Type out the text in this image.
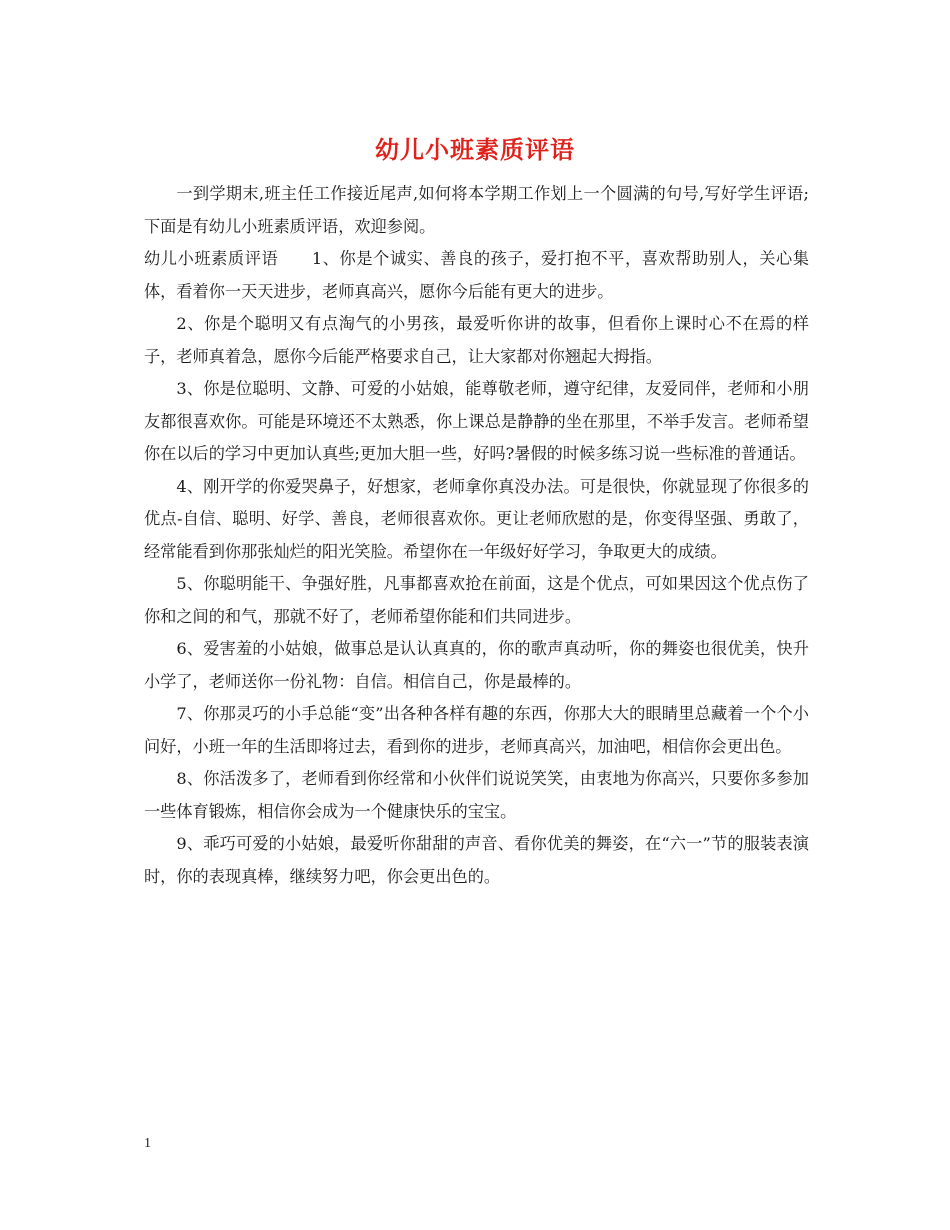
幼儿小班素质评语

一到学期末,班主任工作接近尾声,如何将本学期工作划上一个圆满的句号,写好学生评语;下面是有幼儿小班素质评语，欢迎参阅。

幼儿小班素质评语　　1、你是个诚实、善良的孩子，爱打抱不平，喜欢帮助别人，关心集体，看着你一天天进步，老师真高兴，愿你今后能有更大的进步。

2、你是个聪明又有点淘气的小男孩，最爱听你讲的故事，但看你上课时心不在焉的样子，老师真着急，愿你今后能严格要求自己，让大家都对你翘起大拇指。

3、你是位聪明、文静、可爱的小姑娘，能尊敬老师，遵守纪律，友爱同伴，老师和小朋友都很喜欢你。可能是环境还不太熟悉，你上课总是静静的坐在那里，不举手发言。老师希望你在以后的学习中更加认真些;更加大胆一些，好吗?暑假的时候多练习说一些标准的普通话。

4、刚开学的你爱哭鼻子，好想家，老师拿你真没办法。可是很快，你就显现了你很多的优点-自信、聪明、好学、善良，老师很喜欢你。更让老师欣慰的是，你变得坚强、勇敢了，经常能看到你那张灿烂的阳光笑脸。希望你在一年级好好学习，争取更大的成绩。

5、你聪明能干、争强好胜，凡事都喜欢抢在前面，这是个优点，可如果因这个优点伤了你和之间的和气，那就不好了，老师希望你能和们共同进步。

6、爱害羞的小姑娘，做事总是认认真真的，你的歌声真动听，你的舞姿也很优美，快升小学了，老师送你一份礼物：自信。相信自己，你是最棒的。

7、你那灵巧的小手总能“变”出各种各样有趣的东西，你那大大的眼睛里总藏着一个个小问好，小班一年的生活即将过去，看到你的进步，老师真高兴，加油吧，相信你会更出色。

8、你活泼多了，老师看到你经常和小伙伴们说说笑笑，由衷地为你高兴，只要你多参加一些体育锻炼，相信你会成为一个健康快乐的宝宝。

9、乖巧可爱的小姑娘，最爱听你甜甜的声音、看你优美的舞姿，在“六一”节的服装表演时，你的表现真棒，继续努力吧，你会更出色的。

1
